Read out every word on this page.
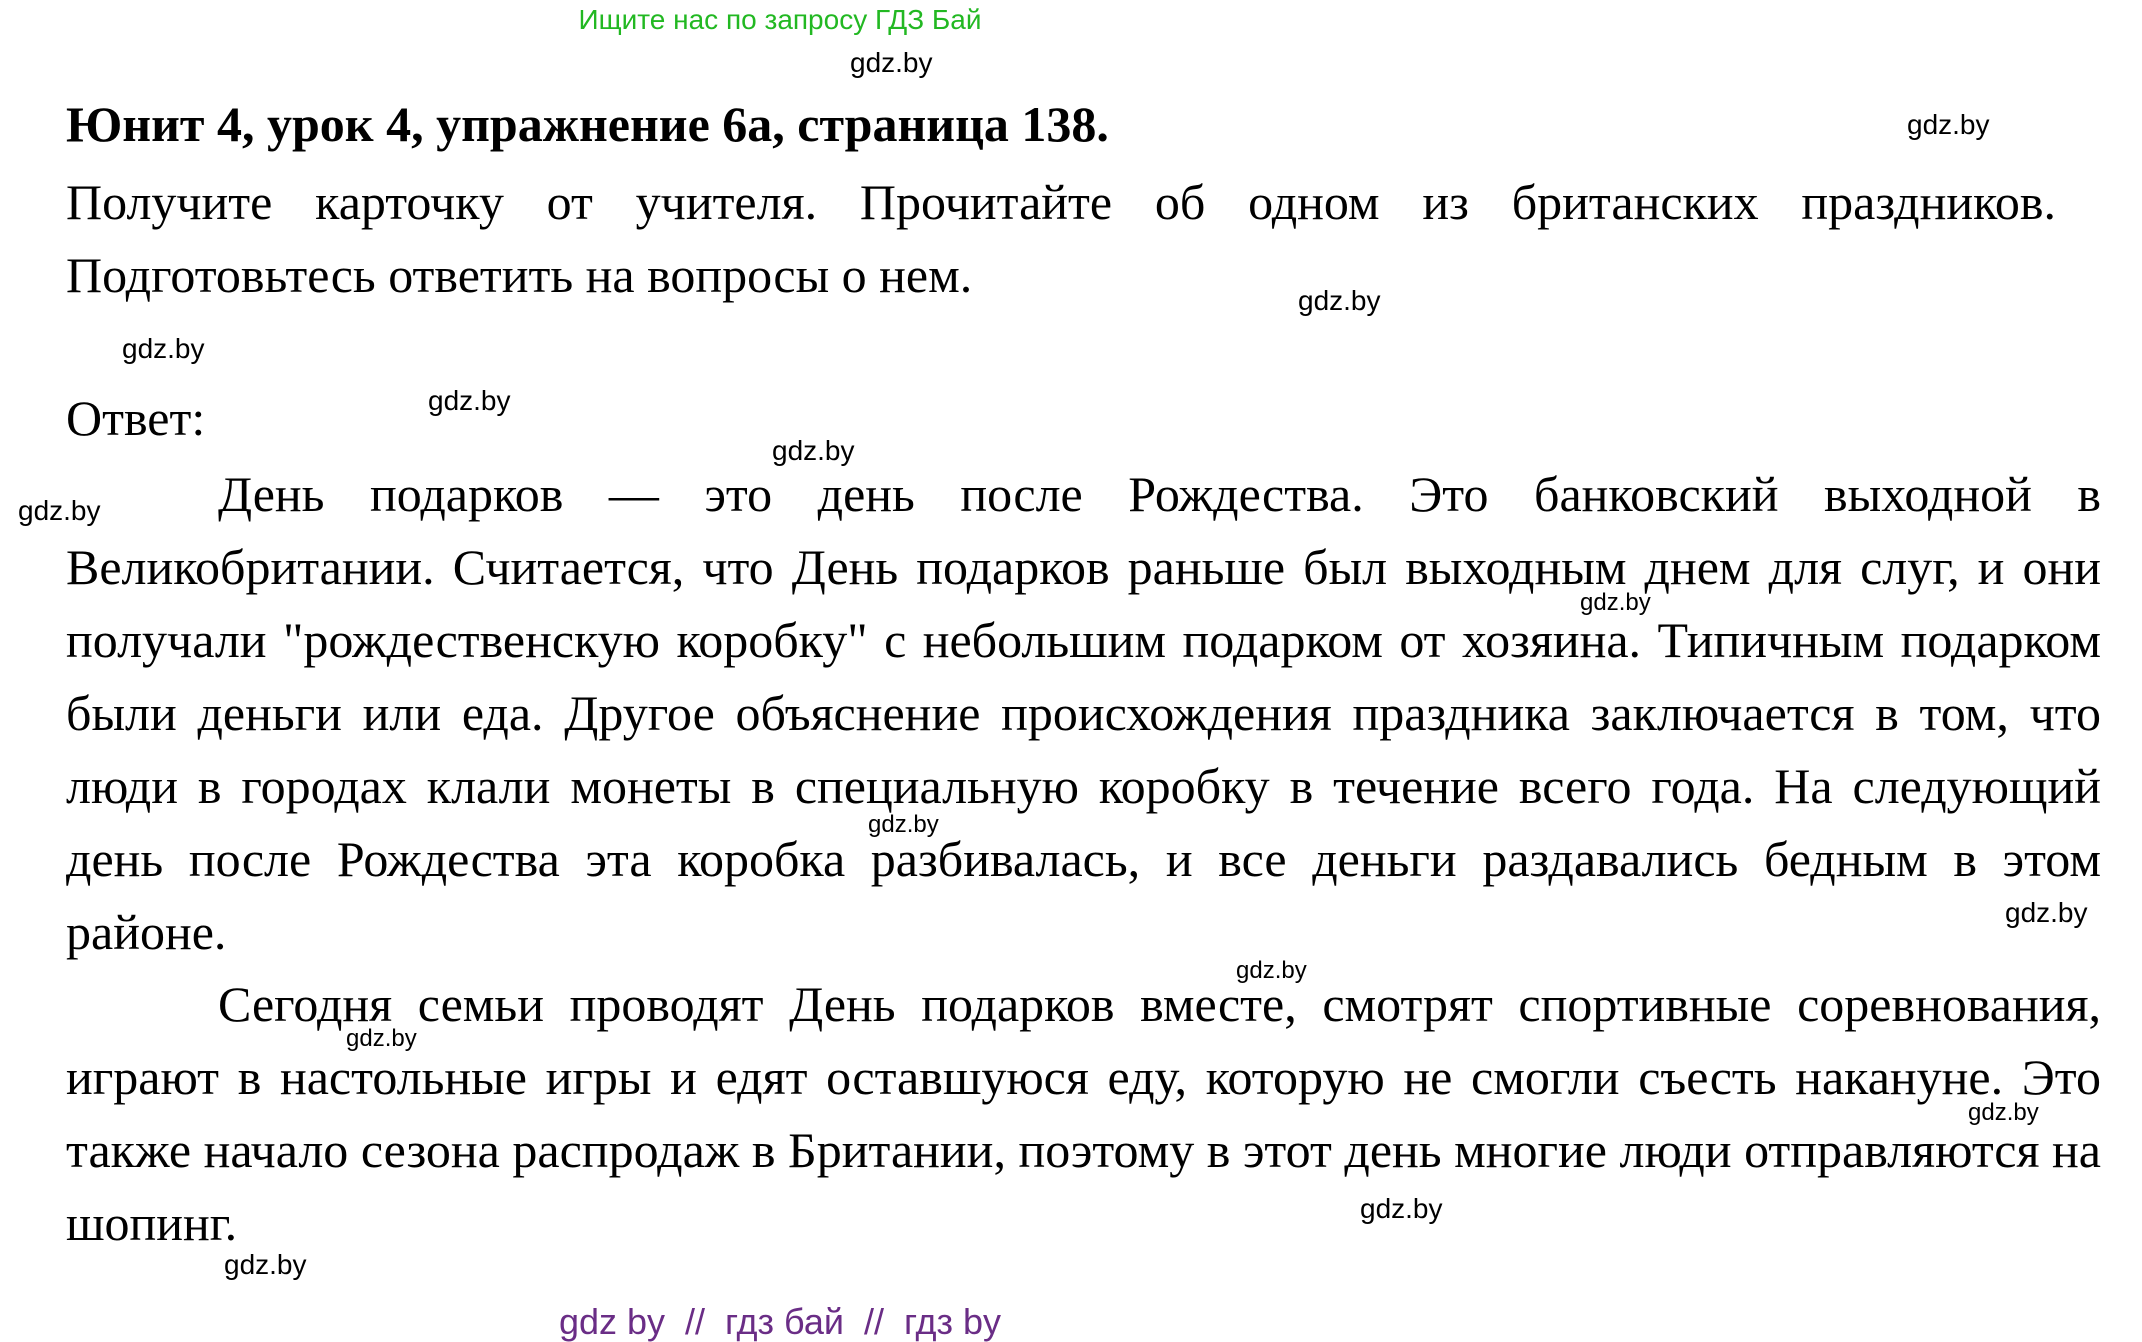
Ищите нас по запросу ГДЗ Бай
Юнит 4, урок 4, упражнение 6а, страница 138.
Получите карточку от учителя. Прочитайте об одном из британских праздников. Подготовьтесь ответить на вопросы о нем.
Ответ:

День подарков — это день после Рождества. Это банковский выходной в Великобритании. Считается, что День подарков раньше был выходным днем для слуг, и они получали "рождественскую коробку" с небольшим подарком от хозяина. Типичным подарком были деньги или еда. Другое объяснение происхождения праздника заключается в том, что люди в городах клали монеты в специальную коробку в течение всего года. На следующий день после Рождества эта коробка разбивалась, и все деньги раздавались бедным в этом районе.

Сегодня семьи проводят День подарков вместе, смотрят спортивные соревнования, играют в настольные игры и едят оставшуюся еду, которую не смогли съесть накануне. Это также начало сезона распродаж в Британии, поэтому в этот день многие люди отправляются на шопинг.

gdz.by
gdz.by
gdz.by
gdz.by
gdz.by
gdz.by
gdz.by
gdz.by
gdz.by
gdz.by
gdz.by
gdz.by
gdz.by
gdz.by
gdz.by
gdz by  //  гдз бай  //  гдз by
